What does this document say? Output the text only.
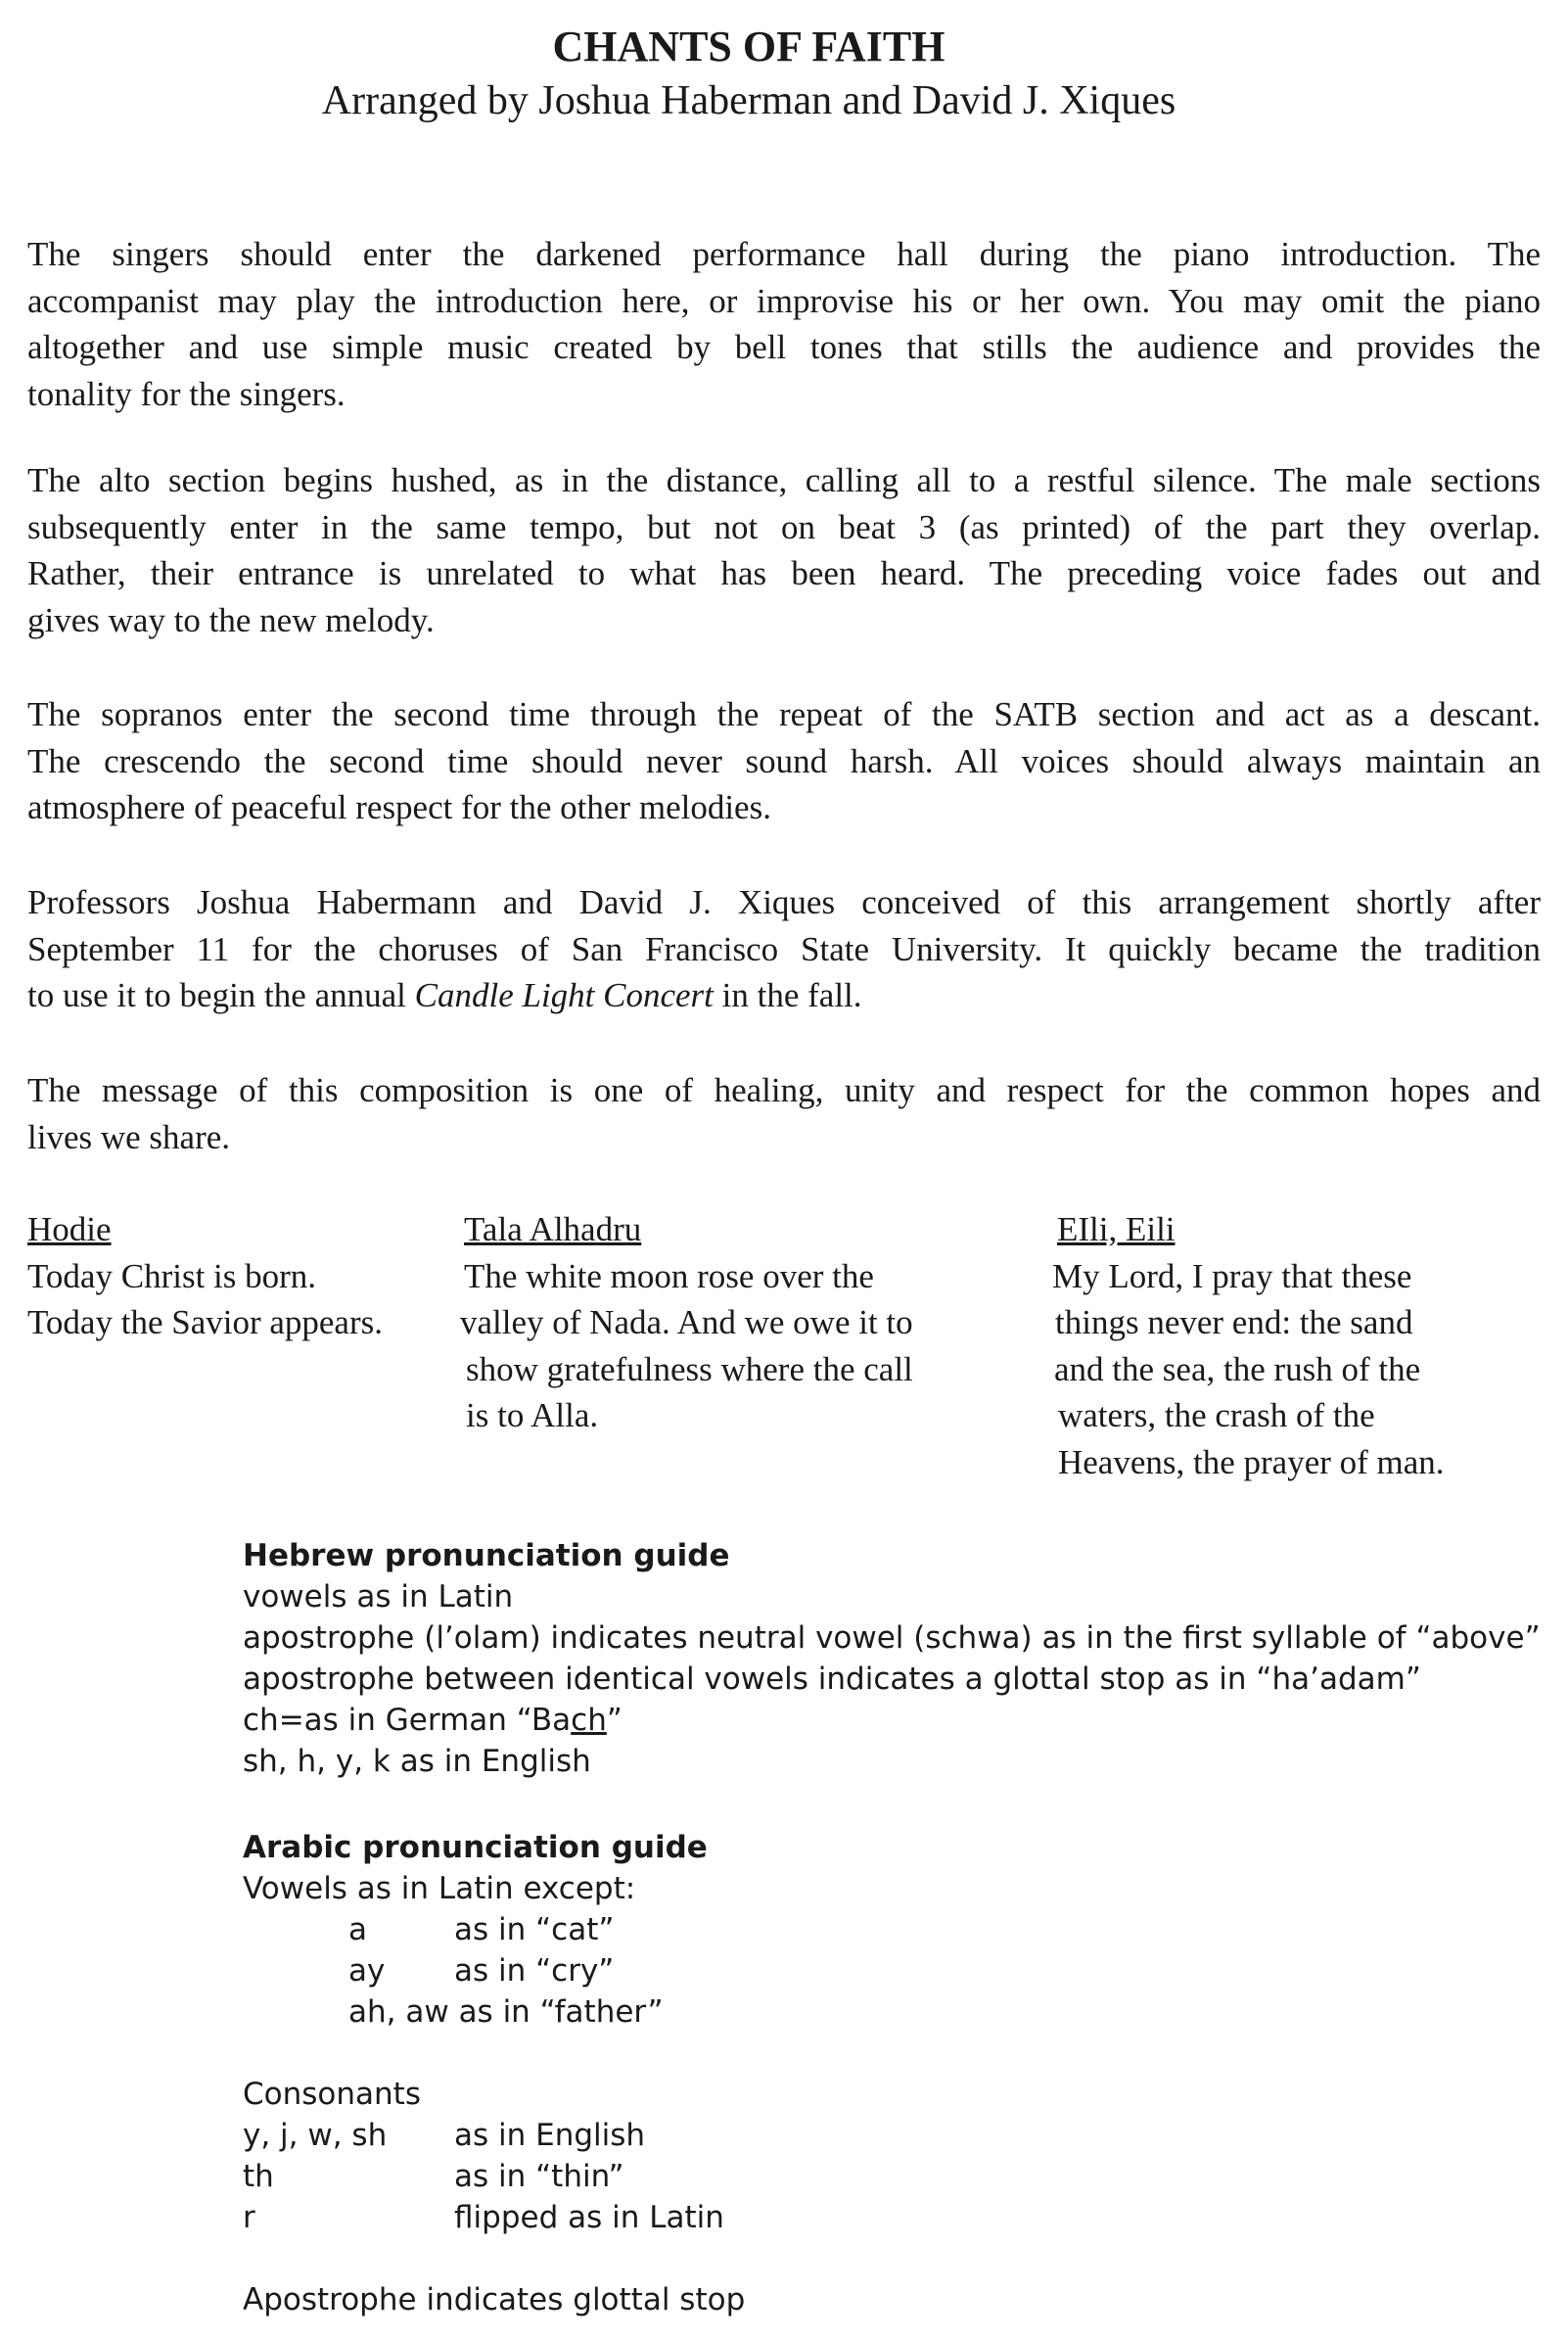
CHANTS OF FAITH
Arranged by Joshua Haberman and David J. Xiques
The singers should enter the darkened performance hall during the piano introduction. The
accompanist may play the introduction here, or improvise his or her own. You may omit the piano
altogether and use simple music created by bell tones that stills the audience and provides the
tonality for the singers.
The alto section begins hushed, as in the distance, calling all to a restful silence. The male sections
subsequently enter in the same tempo, but not on beat 3 (as printed) of the part they overlap.
Rather, their entrance is unrelated to what has been heard. The preceding voice fades out and
gives way to the new melody.
The sopranos enter the second time through the repeat of the SATB section and act as a descant.
The crescendo the second time should never sound harsh. All voices should always maintain an
atmosphere of peaceful respect for the other melodies.
Professors Joshua Habermann and David J. Xiques conceived of this arrangement shortly after
September 11 for the choruses of San Francisco State University. It quickly became the tradition
to use it to begin the annual Candle Light Concert in the fall.
The message of this composition is one of healing, unity and respect for the common hopes and
lives we share.
Hodie
Today Christ is born.
Today the Savior appears.
Tala Alhadru
The white moon rose over the
valley of Nada. And we owe it to
show gratefulness where the call
is to Alla.
EIli, Eili
My Lord, I pray that these
things never end: the sand
and the sea, the rush of the
waters, the crash of the
Heavens, the prayer of man.
Hebrew pronunciation guide
vowels as in Latin
apostrophe (l’olam) indicates neutral vowel (schwa) as in the first syllable of “above”
apostrophe between identical vowels indicates a glottal stop as in “ha’adam”
ch=as in German “Bach”
sh, h, y, k as in English
Arabic pronunciation guide
Vowels as in Latin except:
a	as in “cat”
ay as in “cry”
ah, aw as in “father”
Consonants
y, j, w, sh as in English
th	as in “thin”
r	flipped as in Latin
Apostrophe indicates glottal stop
